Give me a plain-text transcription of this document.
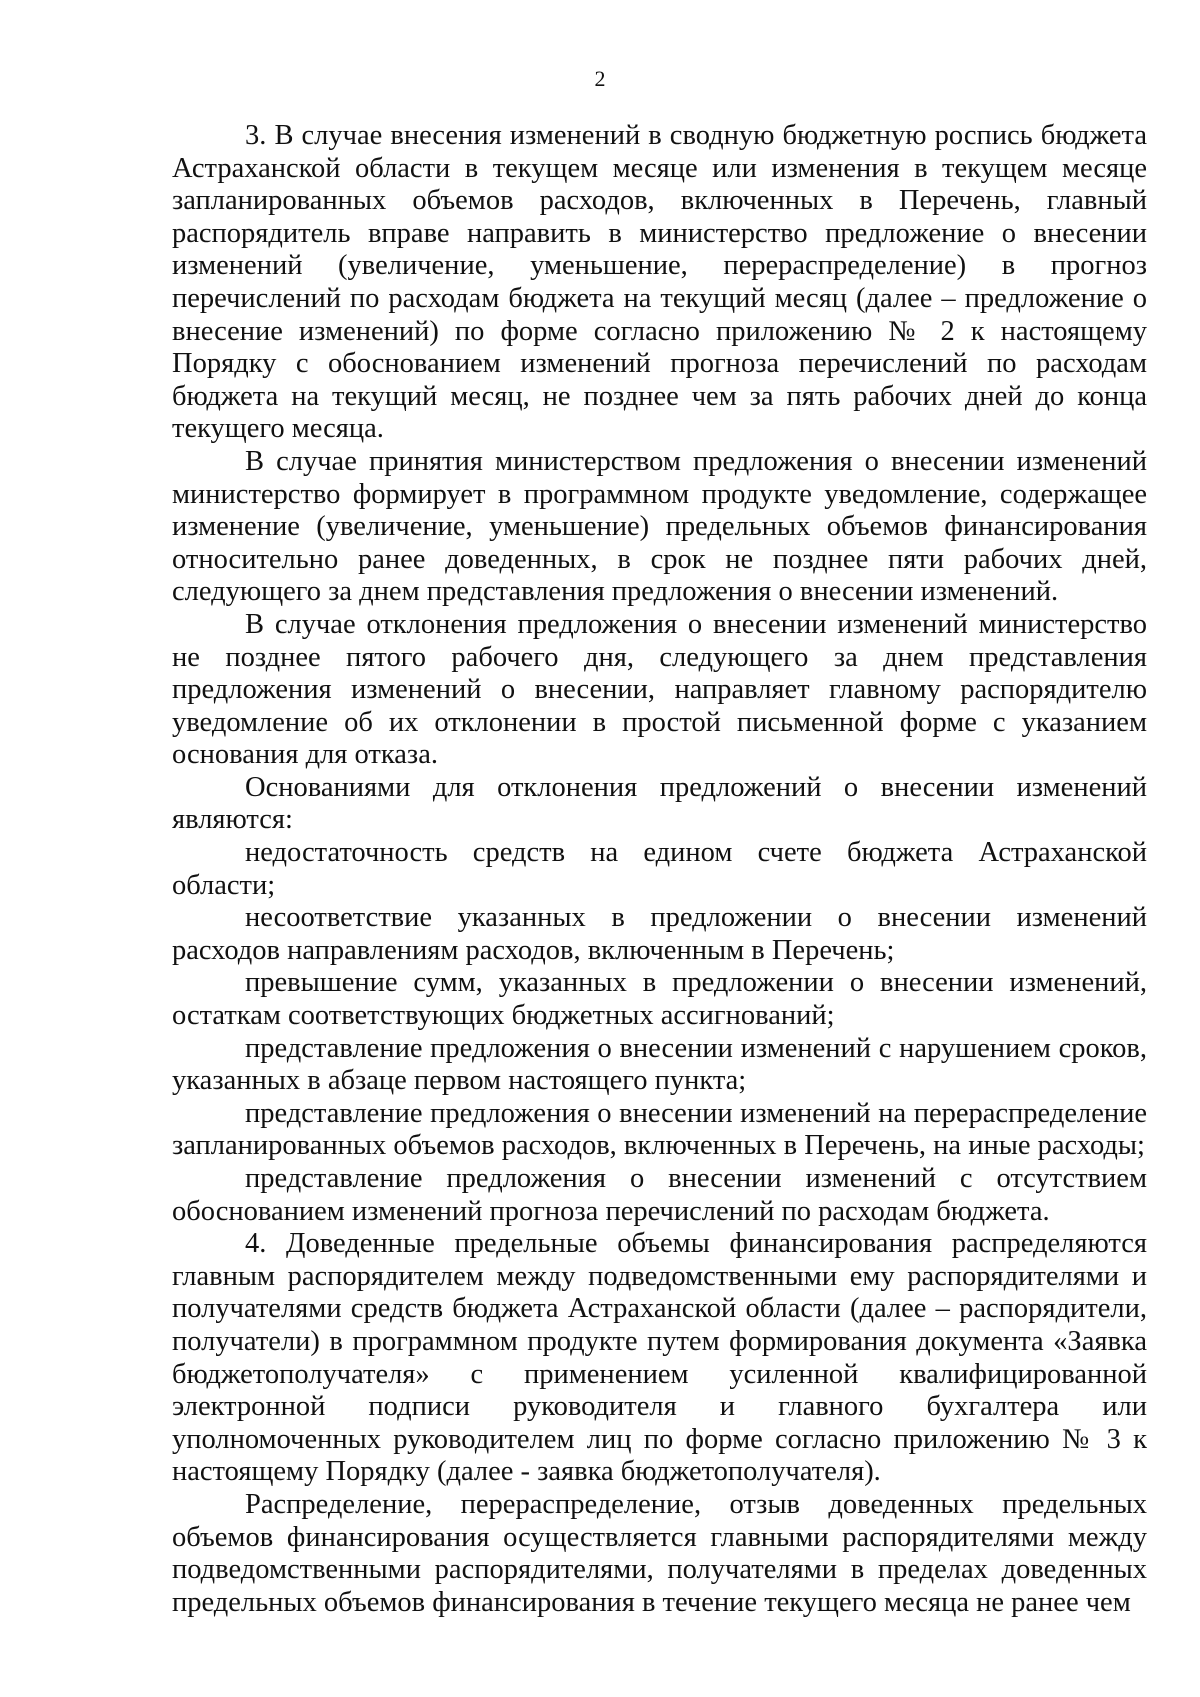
2

3. В случае внесения изменений в сводную бюджетную роспись бюджета Астраханской области в текущем месяце или изменения в текущем месяце запланированных объемов расходов, включенных в Перечень, главный распорядитель вправе направить в министерство предложение о внесении изменений (увеличение, уменьшение, перераспределение) в прогноз перечислений по расходам бюджета на текущий месяц (далее – предложение о внесение изменений) по форме согласно приложению № 2 к настоящему Порядку с обоснованием изменений прогноза перечислений по расходам бюджета на текущий месяц, не позднее чем за пять рабочих дней до конца текущего месяца.

В случае принятия министерством предложения о внесении изменений министерство формирует в программном продукте уведомление, содержащее изменение (увеличение, уменьшение) предельных объемов финансирования относительно ранее доведенных, в срок не позднее пяти рабочих дней, следующего за днем представления предложения о внесении изменений.

В случае отклонения предложения о внесении изменений министерство не позднее пятого рабочего дня, следующего за днем представления предложения изменений о внесении, направляет главному распорядителю уведомление об их отклонении в простой письменной форме с указанием основания для отказа.

Основаниями для отклонения предложений о внесении изменений являются:

недостаточность средств на едином счете бюджета Астраханской области;

несоответствие указанных в предложении о внесении изменений расходов направлениям расходов, включенным в Перечень;

превышение сумм, указанных в предложении о внесении изменений, остаткам соответствующих бюджетных ассигнований;

представление предложения о внесении изменений с нарушением сроков, указанных в абзаце первом настоящего пункта;

представление предложения о внесении изменений на перераспределение запланированных объемов расходов, включенных в Перечень, на иные расходы;

представление предложения о внесении изменений с отсутствием обоснованием изменений прогноза перечислений по расходам бюджета.

4. Доведенные предельные объемы финансирования распределяются главным распорядителем между подведомственными ему распорядителями и получателями средств бюджета Астраханской области (далее – распорядители, получатели) в программном продукте путем формирования документа «Заявка бюджетополучателя» с применением усиленной квалифицированной электронной подписи руководителя и главного бухгалтера или уполномоченных руководителем лиц по форме согласно приложению № 3 к настоящему Порядку (далее - заявка бюджетополучателя).

Распределение, перераспределение, отзыв доведенных предельных объемов финансирования осуществляется главными распорядителями между подведомственными распорядителями, получателями в пределах доведенных предельных объемов финансирования в течение текущего месяца не ранее чем
